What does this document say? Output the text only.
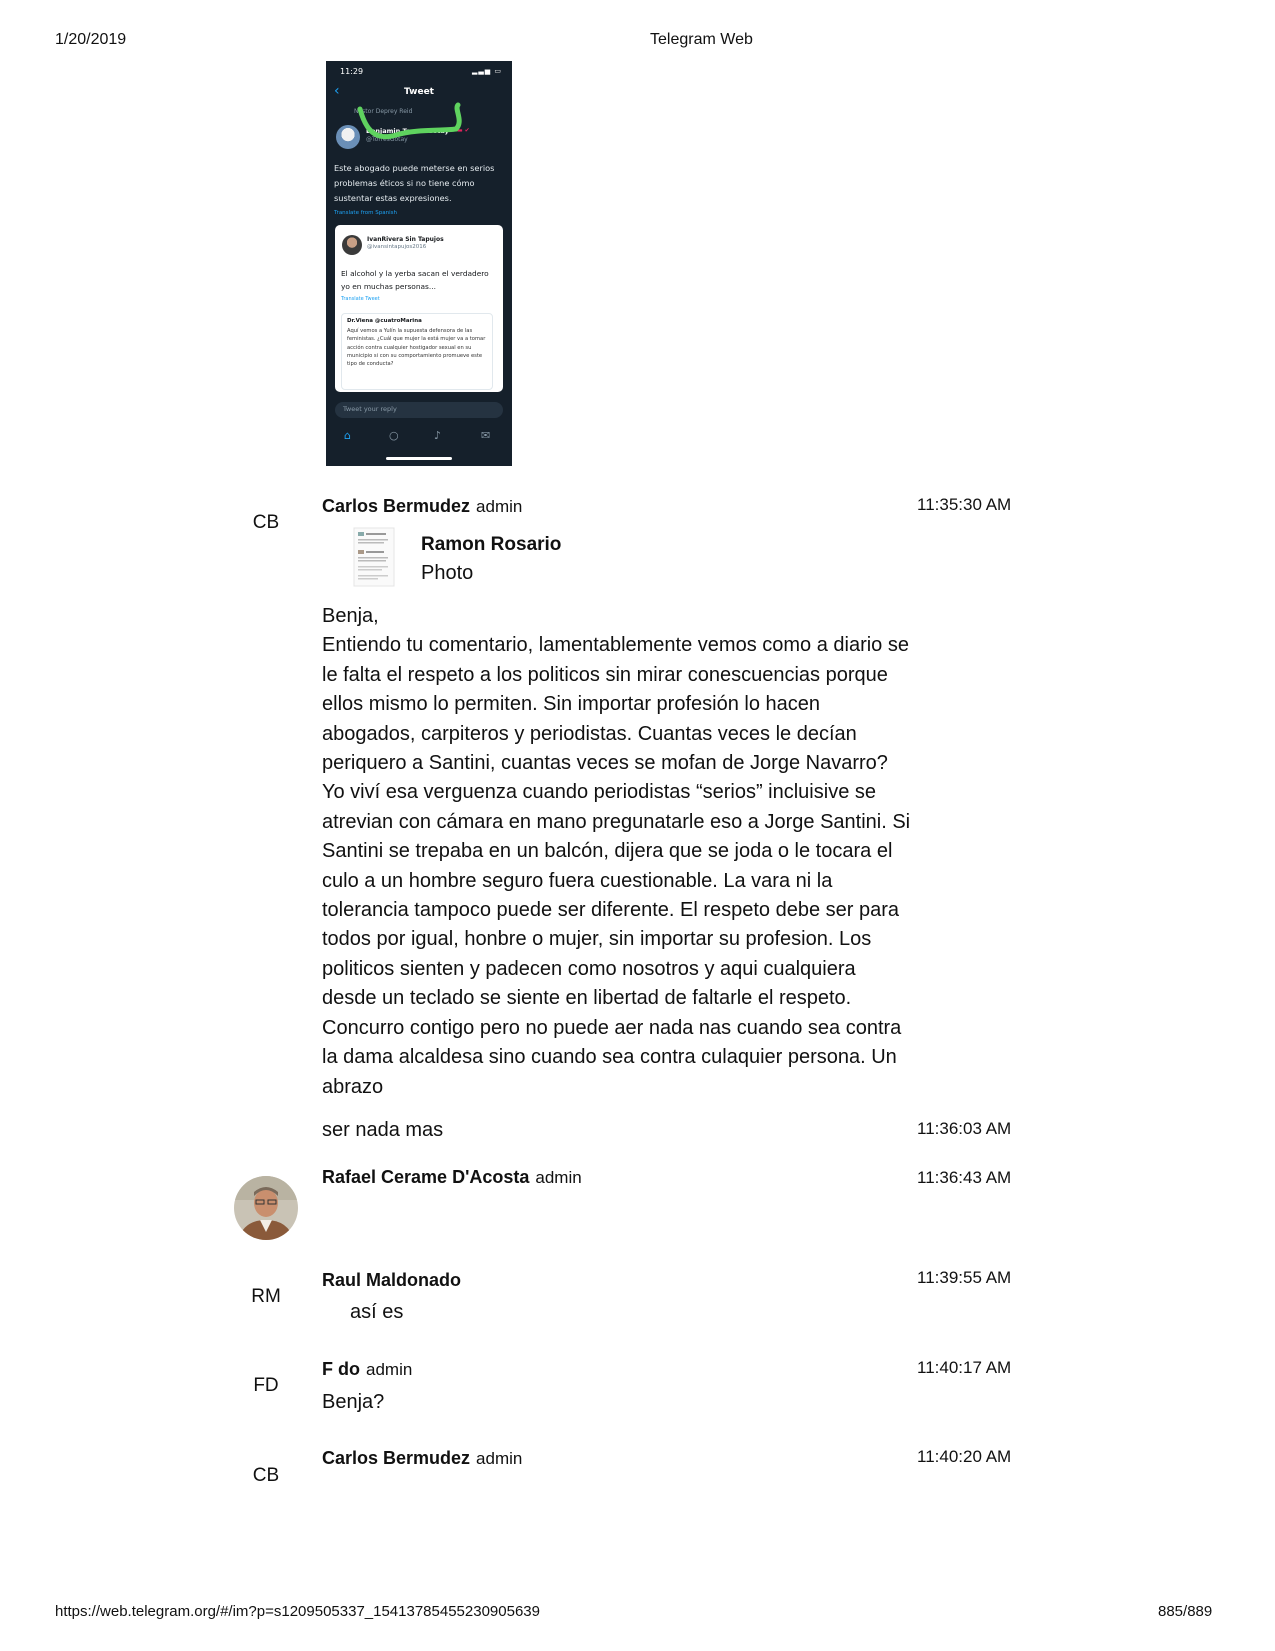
1/20/2019	Telegram Web
11:29	▂▃▅ ▭
‹	Tweet
Nestor Deprey Reid
Benjamin Torres Gotay ▬ ✔
@TorresGotay
Este abogado puede meterse en serios problemas éticos si no tiene cómo sustentar estas expresiones.
Translate from Spanish
IvanRivera Sin Tapujos
@ivansintapujos2016
El alcohol y la yerba sacan el verdadero yo en muchas personas...
Translate Tweet
Dr.Viena @cuatroMarina
Aquí vemos a Yulín la supuesta defensora de las feministas. ¿Cuál que mujer la está mujer va a tomar acción contra cualquier hostigador sexual en su municipio si con su comportamiento promueve este tipo de conducta?
Tweet your reply
⌂	○	♪	✉
CB
Carlos Bermudez admin	11:35:30 AM
Ramon Rosario
Photo
Benja,
Entiendo tu comentario, lamentablemente vemos como a diario se le falta el respeto a los politicos sin mirar conescuencias porque ellos mismo lo permiten. Sin importar profesión lo hacen abogados, carpiteros y periodistas. Cuantas veces le decían periquero a Santini, cuantas veces se mofan de Jorge Navarro? Yo viví esa verguenza cuando periodistas “serios” incluisive se atrevian con cámara en mano pregunatarle eso a Jorge Santini. Si Santini se trepaba en un balcón, dijera que se joda o le tocara el culo a un hombre seguro fuera cuestionable. La vara ni la tolerancia tampoco puede ser diferente. El respeto debe ser para todos por igual, honbre o mujer, sin importar su profesion. Los politicos sienten y padecen como nosotros y aqui cualquiera desde un teclado se siente en libertad de faltarle el respeto. Concurro contigo pero no puede aer nada nas cuando sea contra la dama alcaldesa sino cuando sea contra culaquier persona. Un abrazo
ser nada mas	11:36:03 AM
Rafael Cerame D'Acosta admin	11:36:43 AM
RM
Raul Maldonado	11:39:55 AM
así es
FD
F do admin	11:40:17 AM
Benja?
CB
Carlos Bermudez admin	11:40:20 AM
https://web.telegram.org/#/im?p=s1209505337_15413785455230905639	885/889
